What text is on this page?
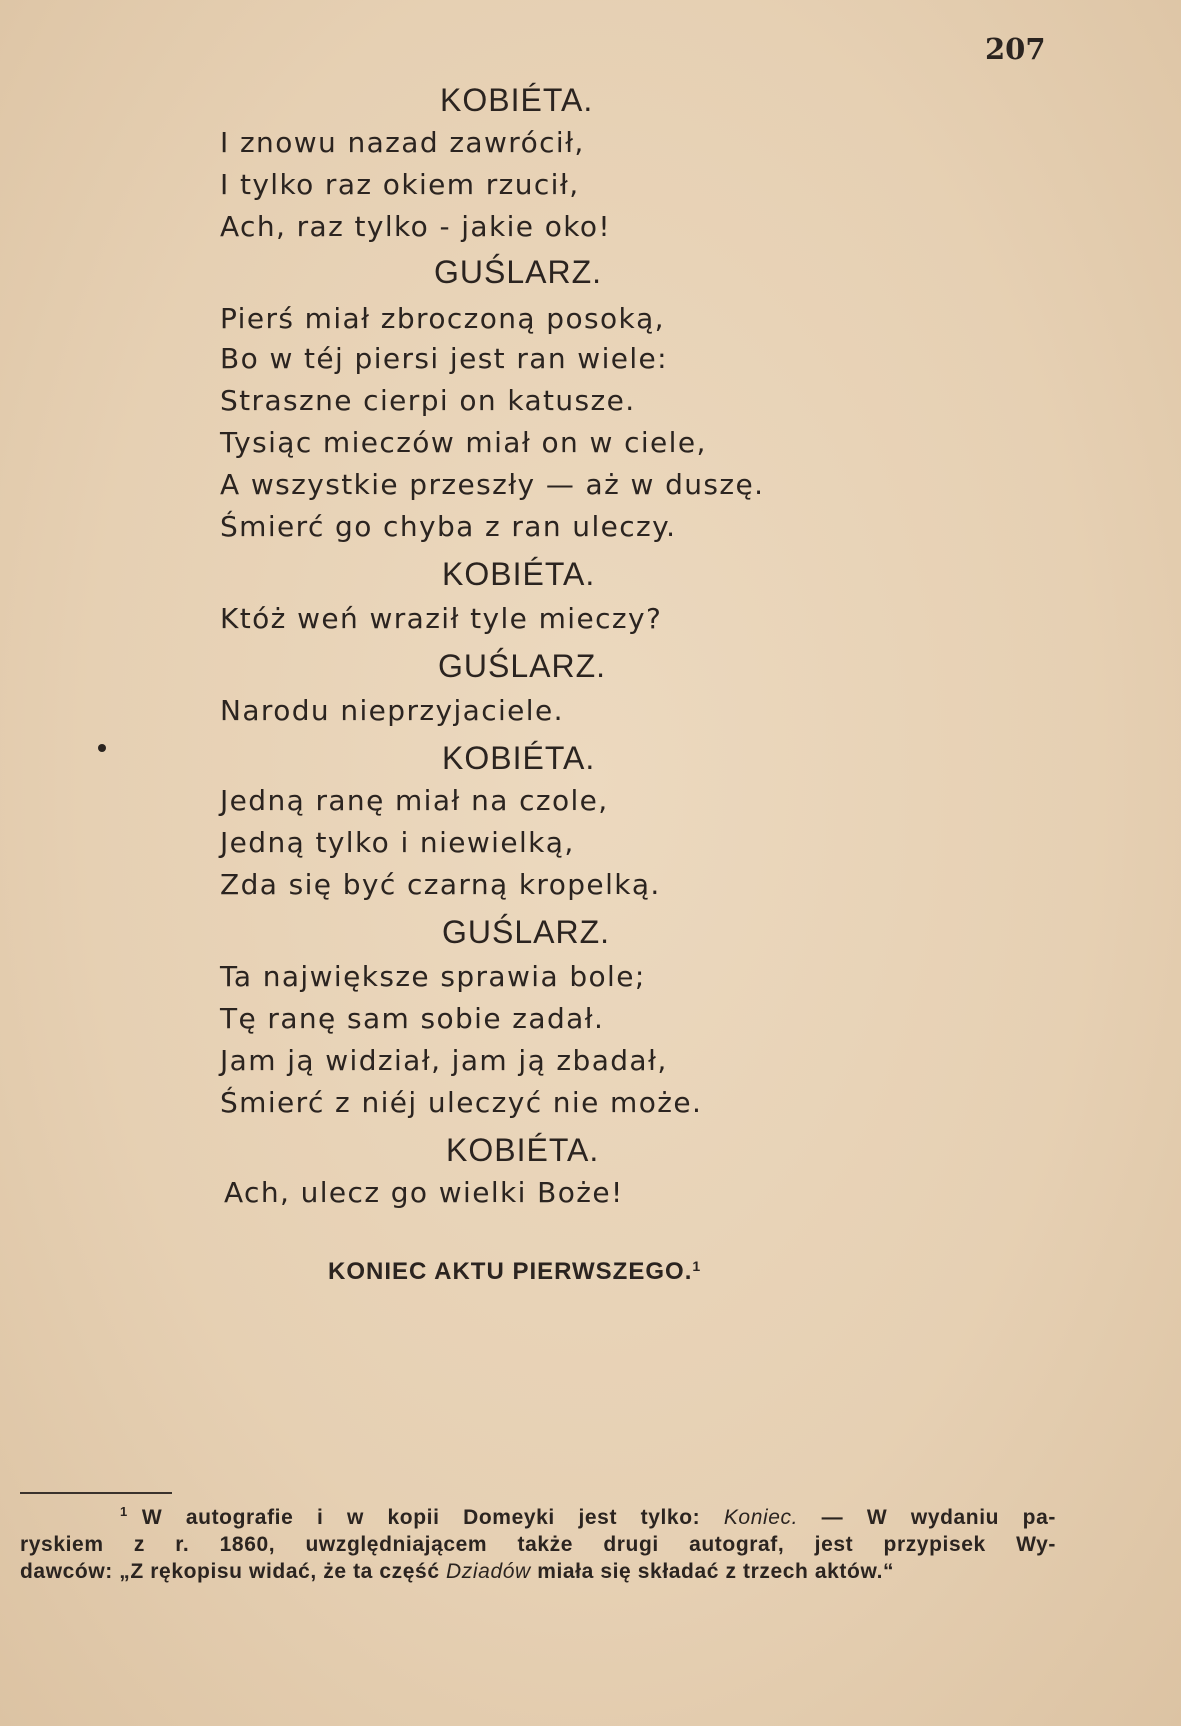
207
KOBIÉTA.
I znowu nazad zawrócił,
I tylko raz okiem rzucił,
Ach, raz tylko - jakie oko!
GUŚLARZ.
Pierś miał zbroczoną posoką,
Bo w téj piersi jest ran wiele:
Straszne cierpi on katusze.
Tysiąc mieczów miał on w ciele,
A wszystkie przeszły — aż w duszę.
Śmierć go chyba z ran uleczy.
KOBIÉTA.
Któż weń wraził tyle mieczy?
GUŚLARZ.
Narodu nieprzyjaciele.
KOBIÉTA.
Jedną ranę miał na czole,
Jedną tylko i niewielką,
Zda się być czarną kropelką.
GUŚLARZ.
Ta największe sprawia bole;
Tę ranę sam sobie zadał.
Jam ją widział, jam ją zbadał,
Śmierć z niéj uleczyć nie może.
KOBIÉTA.
Ach, ulecz go wielki Boże!
KONIEC AKTU PIERWSZEGO.$^1$
$^1$ W autografie i w kopii Domeyki jest tylko: Koniec. — W wydaniu pa-
ryskiem z r. 1860, uwzględniającem także drugi autograf, jest przypisek Wy-
dawców: „Z rękopisu widać, że ta część Dziadów miała się składać z trzech aktów.“
